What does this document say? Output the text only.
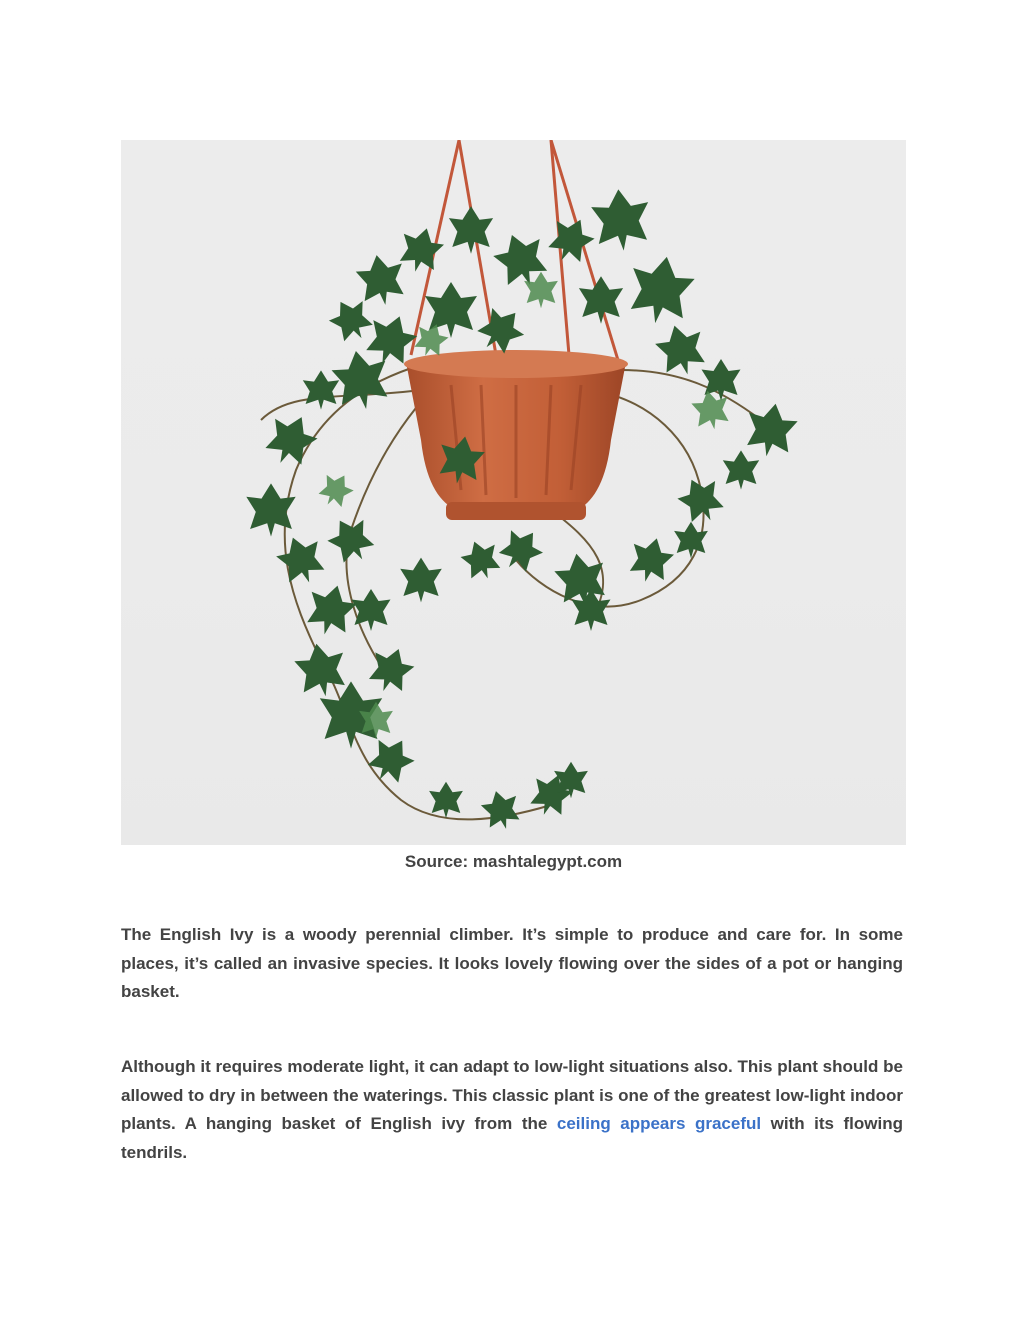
Source: mashtalegypt.com

The English Ivy is a woody perennial climber. It’s simple to produce and care for. In some places, it’s called an invasive species. It looks lovely flowing over the sides of a pot or hanging basket.

Although it requires moderate light, it can adapt to low-light situations also. This plant should be allowed to dry in between the waterings. This classic plant is one of the greatest low-light indoor plants. A hanging basket of English ivy from the ceiling appears graceful with its flowing tendrils.
